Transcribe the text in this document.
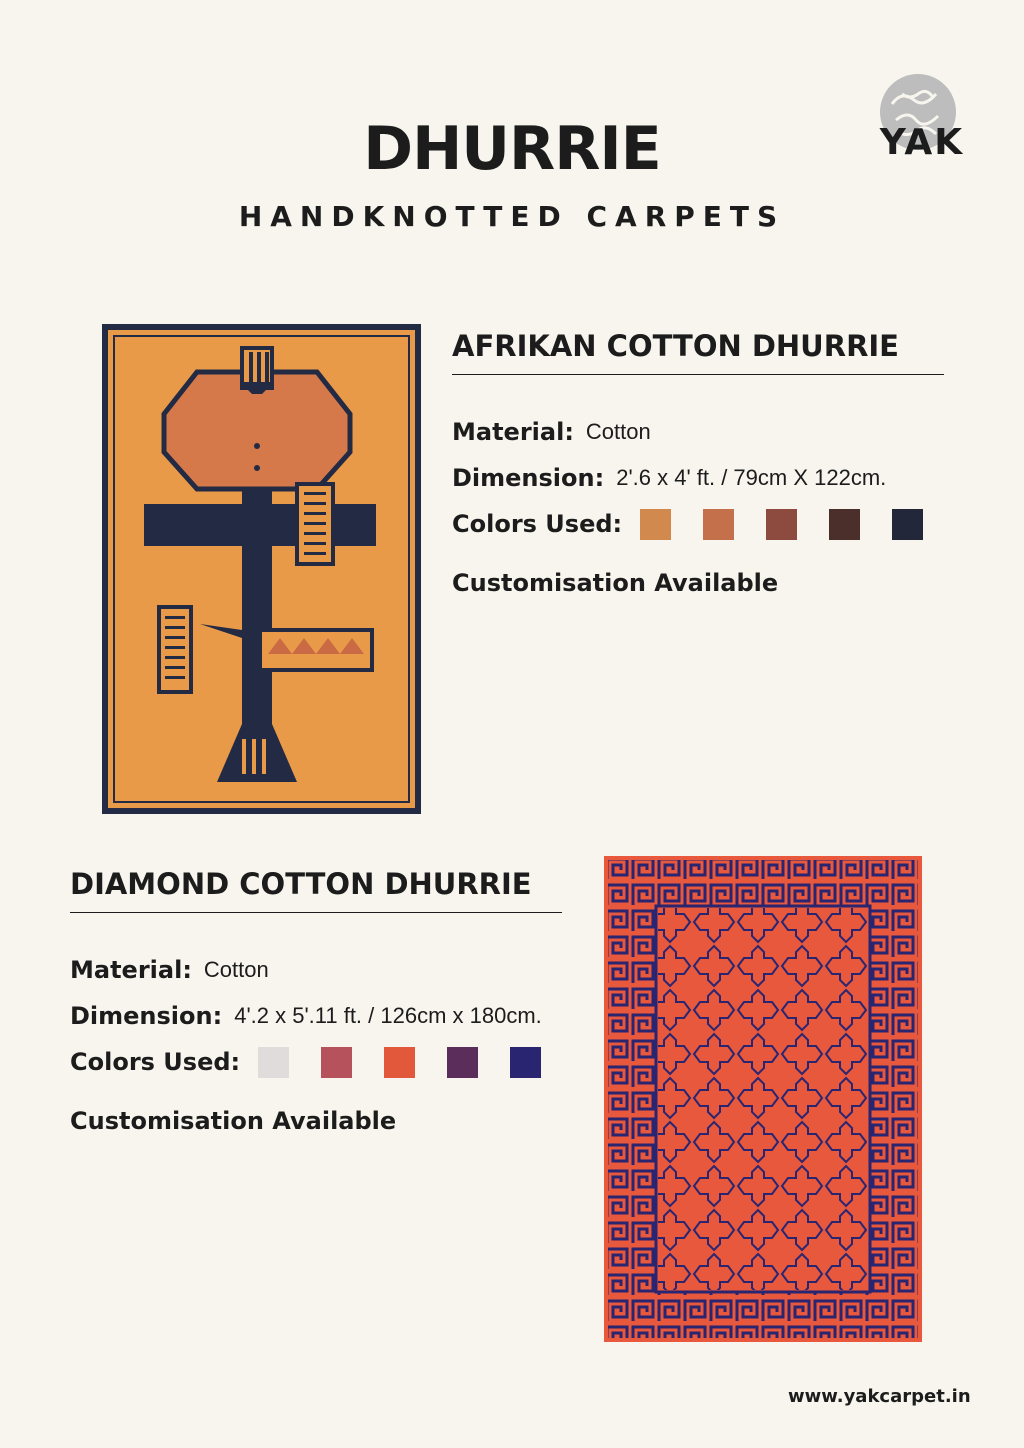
DHURRIE
HANDKNOTTED CARPETS
YAK
AFRIKAN COTTON DHURRIE
Material: Cotton
Dimension: 2'.6 x 4' ft. / 79cm X 122cm.
Colors Used:
Customisation Available
DIAMOND COTTON DHURRIE
Material: Cotton
Dimension: 4'.2 x 5'.11 ft. / 126cm x 180cm.
Colors Used:
Customisation Available
www.yakcarpet.in
